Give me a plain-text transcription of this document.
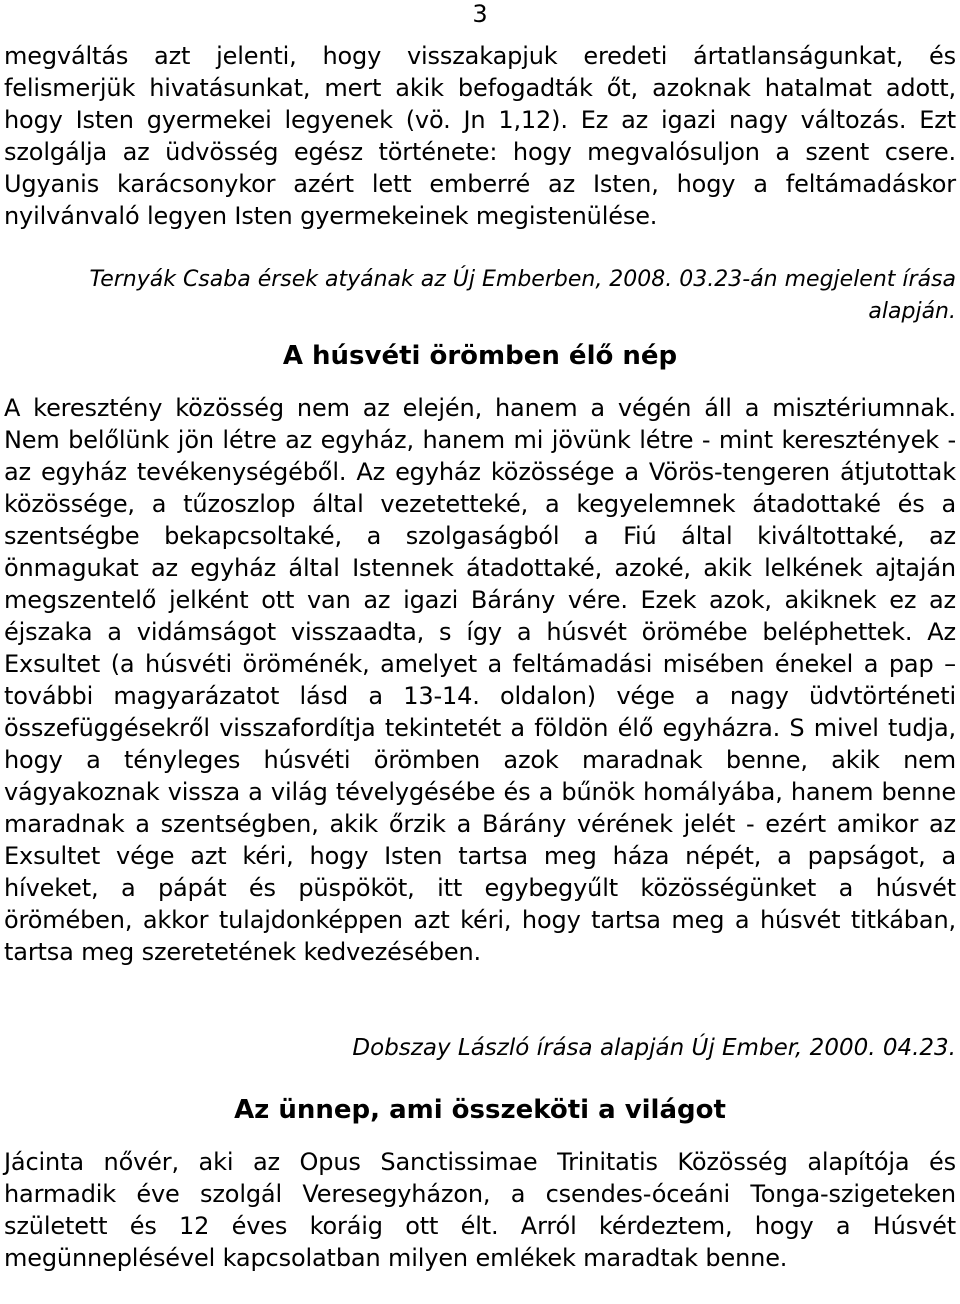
3

megváltás azt jelenti, hogy visszakapjuk eredeti ártatlanságunkat, és felismerjük hivatásunkat, mert akik befogadták őt, azoknak hatalmat adott, hogy Isten gyermekei legyenek (vö. Jn 1,12). Ez az igazi nagy változás. Ezt szolgálja az üdvösség egész története: hogy megvalósuljon a szent csere. Ugyanis karácsonykor azért lett emberré az Isten, hogy a feltámadáskor nyilvánvaló legyen Isten gyermekeinek megistenülése.

Ternyák Csaba érsek atyának az Új Emberben, 2008. 03.23-án megjelent írása alapján.

A húsvéti örömben élő nép

A keresztény közösség nem az elején, hanem a végén áll a misztériumnak. Nem belőlünk jön létre az egyház, hanem mi jövünk létre - mint keresztények - az egyház tevékenységéből. Az egyház közössége a Vörös-tengeren átjutottak közössége, a tűzoszlop által vezetetteké, a kegyelemnek átadottaké és a szentségbe bekapcsoltaké, a szolgaságból a Fiú által kiváltottaké, az önmagukat az egyház által Istennek átadottaké, azoké, akik lelkének ajtaján megszentelő jelként ott van az igazi Bárány vére. Ezek azok, akiknek ez az éjszaka a vidámságot visszaadta, s így a húsvét örömébe beléphettek. Az Exsultet (a húsvéti öröménék, amelyet a feltámadási misében énekel a pap – további magyarázatot lásd a 13-14. oldalon) vége a nagy üdvtörténeti összefüggésekről visszafordítja tekintetét a földön élő egyházra. S mivel tudja, hogy a tényleges húsvéti örömben azok maradnak benne, akik nem vágyakoznak vissza a világ tévelygésébe és a bűnök homályába, hanem benne maradnak a szentségben, akik őrzik a Bárány vérének jelét - ezért amikor az Exsultet vége azt kéri, hogy Isten tartsa meg háza népét, a papságot, a híveket, a pápát és püspököt, itt egybegyűlt közösségünket a húsvét örömében, akkor tulajdonképpen azt kéri, hogy tartsa meg a húsvét titkában, tartsa meg szeretetének kedvezésében.

Dobszay László írása alapján Új Ember, 2000. 04.23.

Az ünnep, ami összeköti a világot

Jácinta nővér, aki az Opus Sanctissimae Trinitatis Közösség alapítója és harmadik éve szolgál Veresegyházon, a csendes-óceáni Tonga-szigeteken született és 12 éves koráig ott élt. Arról kérdeztem, hogy a Húsvét megünneplésével kapcsolatban milyen emlékek maradtak benne.
